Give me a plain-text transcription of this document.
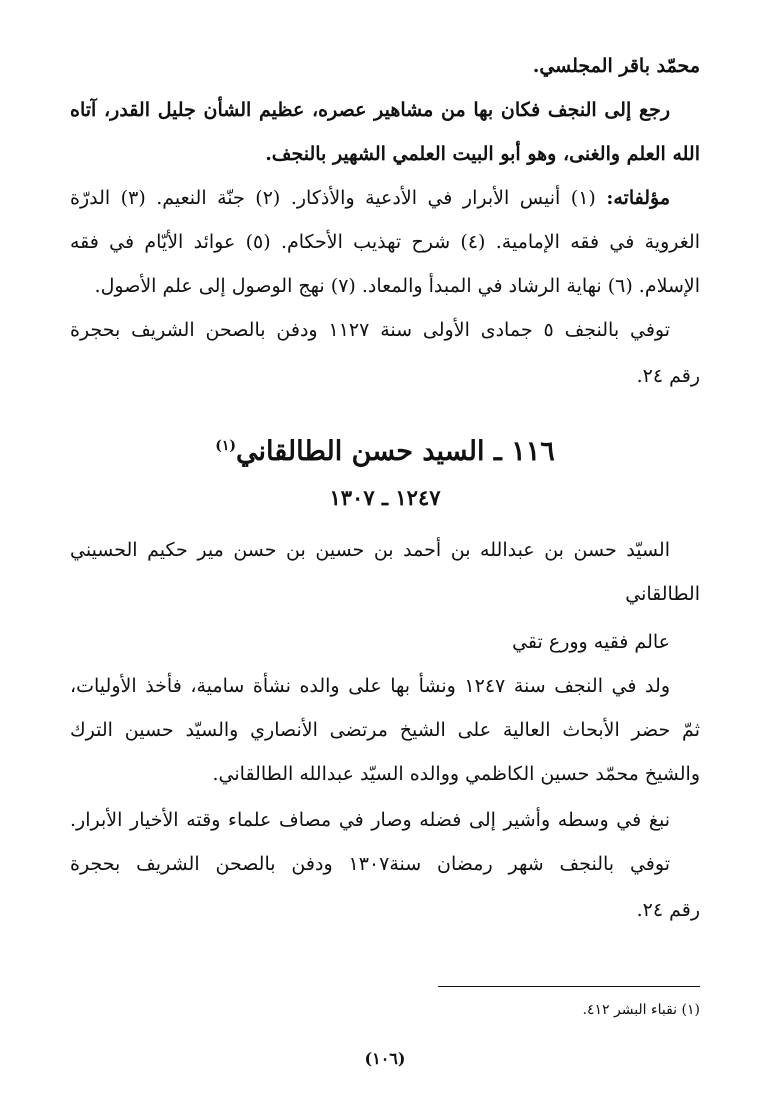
محمّد باقر المجلسي.
رجع إلى النجف فكان بها من مشاهير عصره، عظيم الشأن جليل القدر، آتاه
الله العلم والغنى، وهو أبو البيت العلمي الشهير بالنجف.
مؤلفاته: (١) أنيس الأبرار في الأدعية والأذكار. (٢) جنّة النعيم. (٣) الدرّة
الغروية في فقه الإمامية. (٤) شرح تهذيب الأحكام. (٥) عوائد الأيّام في فقه
الإسلام. (٦) نهاية الرشاد في المبدأ والمعاد. (٧) نهج الوصول إلى علم الأصول.
توفي بالنجف ٥ جمادى الأولى سنة ١١٢٧ ودفن بالصحن الشريف بحجرة
رقم ٢٤.
١١٦ ـ السيد حسن الطالقاني$^{(١)}$
١٢٤٧ ـ ١٣٠٧
السيّد حسن بن عبدالله بن أحمد بن حسين بن حسن مير حكيم الحسيني
الطالقاني
عالم فقيه وورع تقي
ولد في النجف سنة ١٢٤٧ ونشأ بها على والده نشأة سامية، فأخذ الأوليات،
ثمّ حضر الأبحاث العالية على الشيخ مرتضى الأنصاري والسيّد حسين الترك
والشيخ محمّد حسين الكاظمي ووالده السيّد عبدالله الطالقاني.
نبغ في وسطه وأشير إلى فضله وصار في مصاف علماء وقته الأخيار الأبرار.
توفي بالنجف شهر رمضان سنة١٣٠٧ ودفن بالصحن الشريف بحجرة
رقم ٢٤.
(١) نقباء البشر ٤١٢.
(١٠٦)
